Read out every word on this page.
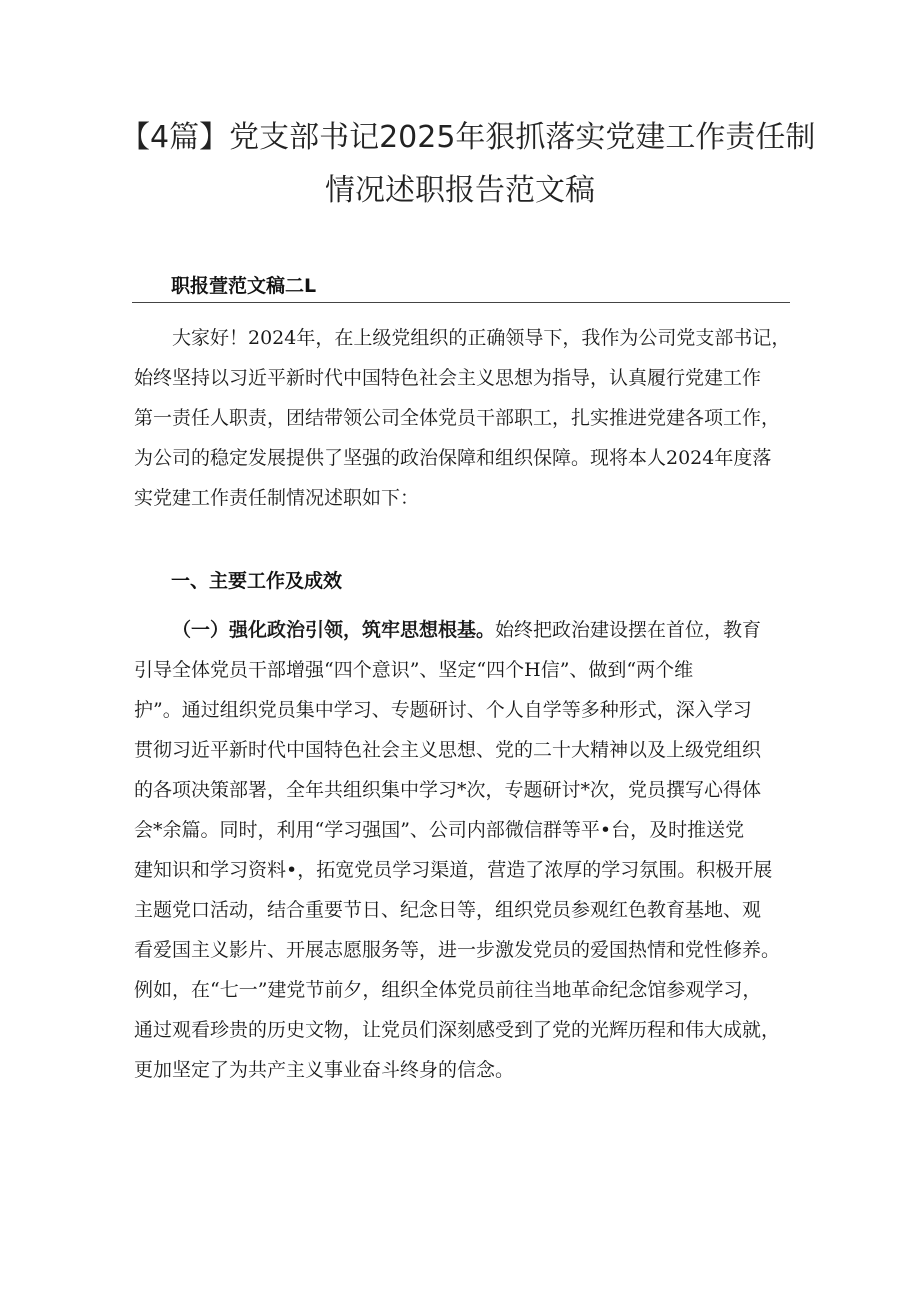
【4篇】党支部书记2025年狠抓落实党建工作责任制
情况述职报告范文稿
职报萱范文稿二L
大家好！2024年，在上级党组织的正确领导下，我作为公司党支部书记，
始终坚持以习近平新时代中国特色社会主义思想为指导，认真履行党建工作
第一责任人职责，团结带领公司全体党员干部职工，扎实推进党建各项工作，
为公司的稳定发展提供了坚强的政治保障和组织保障。现将本人2024年度落
实党建工作责任制情况述职如下：
一、主要工作及成效
（一）强化政治引领，筑牢思想根基。始终把政治建设摆在首位，教育
引导全体党员干部增强“四个意识”、坚定“四个H信”、做到“两个维
护”。通过组织党员集中学习、专题研讨、个人自学等多种形式，深入学习
贯彻习近平新时代中国特色社会主义思想、党的二十大精神以及上级党组织
的各项决策部署，全年共组织集中学习*次，专题研讨*次，党员撰写心得体
会*余篇。同时，利用“学习强国”、公司内部微信群等平•台，及时推送党
建知识和学习资料•，拓宽党员学习渠道，营造了浓厚的学习氛围。积极开展
主题党口活动，结合重要节日、纪念日等，组织党员参观红色教育基地、观
看爱国主义影片、开展志愿服务等，进一步激发党员的爱国热情和党性修养。
例如，在“七一”建党节前夕，组织全体党员前往当地革命纪念馆参观学习，
通过观看珍贵的历史文物，让党员们深刻感受到了党的光辉历程和伟大成就，
更加坚定了为共产主义事业奋斗终身的信念。
